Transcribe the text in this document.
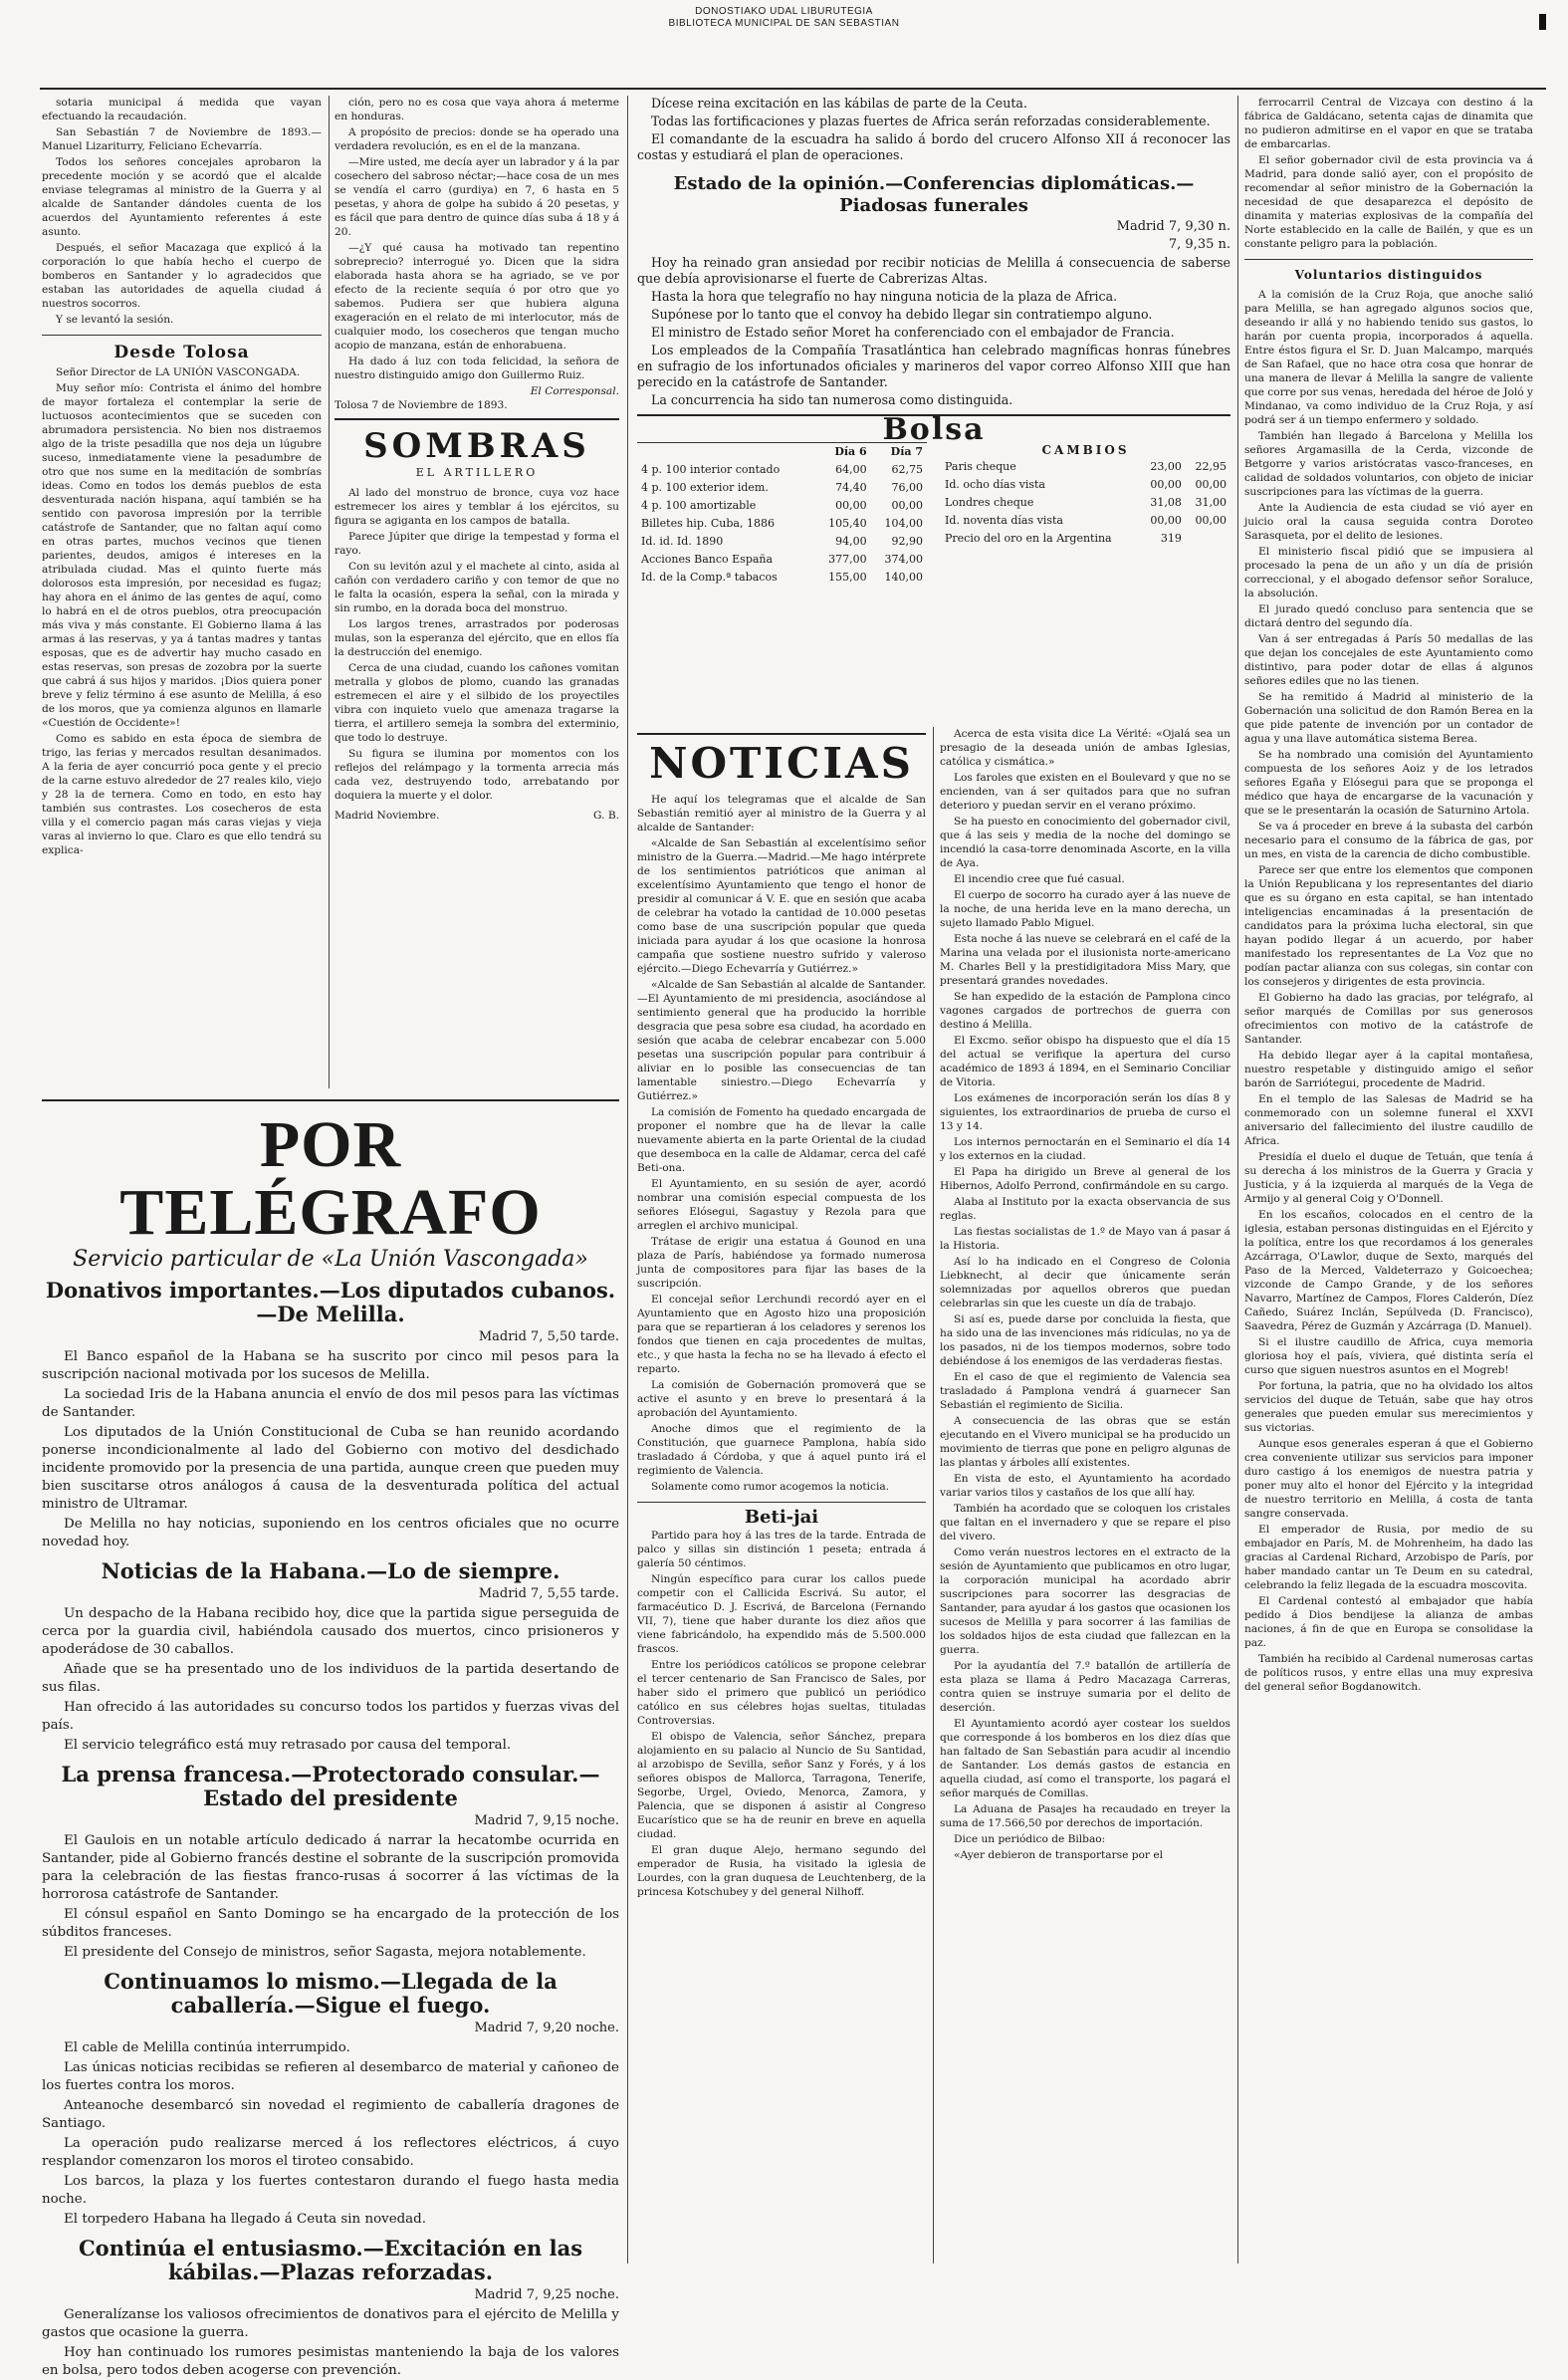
DONOSTIAKO UDAL LIBURUTEGIA
BIBLIOTECA MUNICIPAL DE SAN SEBASTIAN

sotaria municipal á medida que vayan efectuando la recaudación.

San Sebastián 7 de Noviembre de 1893.—Manuel Lizariturry, Feliciano Echevarría.

Todos los señores concejales aprobaron la precedente moción y se acordó que el alcalde enviase telegramas al ministro de la Guerra y al alcalde de Santander dándoles cuenta de los acuerdos del Ayuntamiento referentes á este asunto.

Después, el señor Macazaga que explicó á la corporación lo que había hecho el cuerpo de bomberos en Santander y lo agradecidos que estaban las autoridades de aquella ciudad á nuestros socorros.

Y se levantó la sesión.

Desde Tolosa

Señor Director de LA UNIÓN VASCONGADA.

Muy señor mío: Contrista el ánimo del hombre de mayor fortaleza el contemplar la serie de luctuosos acontecimientos que se suceden con abrumadora persistencia. No bien nos distraemos algo de la triste pesadilla que nos deja un lúgubre suceso, inmediatamente viene la pesadumbre de otro que nos sume en la meditación de sombrías ideas. Como en todos los demás pueblos de esta desventurada nación hispana, aquí también se ha sentido con pavorosa impresión por la terrible catástrofe de Santander, que no faltan aquí como en otras partes, muchos vecinos que tienen parientes, deudos, amigos é intereses en la atribulada ciudad. Mas el quinto fuerte más dolorosos esta impresión, por necesidad es fugaz; hay ahora en el ánimo de las gentes de aquí, como lo habrá en el de otros pueblos, otra preocupación más viva y más constante. El Gobierno llama á las armas á las reservas, y ya á tantas madres y tantas esposas, que es de advertir hay mucho casado en estas reservas, son presas de zozobra por la suerte que cabrá á sus hijos y maridos. ¡Dios quiera poner breve y feliz término á ese asunto de Melilla, á eso de los moros, que ya comienza algunos en llamarle «Cuestión de Occidente»!

Como es sabido en esta época de siembra de trigo, las ferias y mercados resultan desanimados. A la feria de ayer concurrió poca gente y el precio de la carne estuvo alrededor de 27 reales kilo, viejo y 28 la de ternera. Como en todo, en esto hay también sus contrastes. Los cosecheros de esta villa y el comercio pagan más caras viejas y vieja varas al invierno lo que. Claro es que ello tendrá su explica-

ción, pero no es cosa que vaya ahora á meterme en honduras.

A propósito de precios: donde se ha operado una verdadera revolución, es en el de la manzana.

—Mire usted, me decía ayer un labrador y á la par cosechero del sabroso néctar;—hace cosa de un mes se vendía el carro (gurdiya) en 7, 6 hasta en 5 pesetas, y ahora de golpe ha subido á 20 pesetas, y es fácil que para dentro de quince días suba á 18 y á 20.

—¿Y qué causa ha motivado tan repentino sobreprecio? interrogué yo. Dicen que la sidra elaborada hasta ahora se ha agriado, se ve por efecto de la reciente sequía ó por otro que yo sabemos. Pudiera ser que hubiera alguna exageración en el relato de mi interlocutor, más de cualquier modo, los cosecheros que tengan mucho acopio de manzana, están de enhorabuena.

Ha dado á luz con toda felicidad, la señora de nuestro distinguido amigo don Guillermo Ruiz.

El Corresponsal.
Tolosa 7 de Noviembre de 1893.
SOMBRAS
EL ARTILLERO

Al lado del monstruo de bronce, cuya voz hace estremecer los aires y temblar á los ejércitos, su figura se agiganta en los campos de batalla.

Parece Júpiter que dirige la tempestad y forma el rayo.

Con su levitón azul y el machete al cinto, asida al cañón con verdadero cariño y con temor de que no le falta la ocasión, espera la señal, con la mirada y sin rumbo, en la dorada boca del monstruo.

Los largos trenes, arrastrados por poderosas mulas, son la esperanza del ejército, que en ellos fía la destrucción del enemigo.

Cerca de una ciudad, cuando los cañones vomitan metralla y globos de plomo, cuando las granadas estremecen el aire y el silbido de los proyectiles vibra con inquieto vuelo que amenaza tragarse la tierra, el artillero semeja la sombra del exterminio, que todo lo destruye.

Su figura se ilumina por momentos con los reflejos del relámpago y la tormenta arrecia más cada vez, destruyendo todo, arrebatando por doquiera la muerte y el dolor.

Madrid Noviembre.	G. B.
POR TELÉGRAFO
Servicio particular de «La Unión Vascongada»
Donativos importantes.—Los diputados cubanos.—De Melilla.
Madrid 7, 5,50 tarde.

El Banco español de la Habana se ha suscrito por cinco mil pesos para la suscripción nacional motivada por los sucesos de Melilla.

La sociedad Iris de la Habana anuncia el envío de dos mil pesos para las víctimas de Santander.

Los diputados de la Unión Constitucional de Cuba se han reunido acordando ponerse incondicionalmente al lado del Gobierno con motivo del desdichado incidente promovido por la presencia de una partida, aunque creen que pueden muy bien suscitarse otros análogos á causa de la desventurada política del actual ministro de Ultramar.

De Melilla no hay noticias, suponiendo en los centros oficiales que no ocurre novedad hoy.

Noticias de la Habana.—Lo de siempre.
Madrid 7, 5,55 tarde.

Un despacho de la Habana recibido hoy, dice que la partida sigue perseguida de cerca por la guardia civil, habiéndola causado dos muertos, cinco prisioneros y apoderádose de 30 caballos.

Añade que se ha presentado uno de los individuos de la partida desertando de sus filas.

Han ofrecido á las autoridades su concurso todos los partidos y fuerzas vivas del país.

El servicio telegráfico está muy retrasado por causa del temporal.

La prensa francesa.—Protectorado consular.—Estado del presidente
Madrid 7, 9,15 noche.

El Gaulois en un notable artículo dedicado á narrar la hecatombe ocurrida en Santander, pide al Gobierno francés destine el sobrante de la suscripción promovida para la celebración de las fiestas franco-rusas á socorrer á las víctimas de la horrorosa catástrofe de Santander.

El cónsul español en Santo Domingo se ha encargado de la protección de los súbditos franceses.

El presidente del Consejo de ministros, señor Sagasta, mejora notablemente.

Continuamos lo mismo.—Llegada de la caballería.—Sigue el fuego.
Madrid 7, 9,20 noche.

El cable de Melilla continúa interrumpido.

Las únicas noticias recibidas se refieren al desembarco de material y cañoneo de los fuertes contra los moros.

Anteanoche desembarcó sin novedad el regimiento de caballería dragones de Santiago.

La operación pudo realizarse merced á los reflectores eléctricos, á cuyo resplandor comenzaron los moros el tiroteo consabido.

Los barcos, la plaza y los fuertes contestaron durando el fuego hasta media noche.

El torpedero Habana ha llegado á Ceuta sin novedad.

Continúa el entusiasmo.—Excitación en las kábilas.—Plazas reforzadas.
Madrid 7, 9,25 noche.

Generalízanse los valiosos ofrecimientos de donativos para el ejército de Melilla y gastos que ocasione la guerra.

Hoy han continuado los rumores pesimistas manteniendo la baja de los valores en bolsa, pero todos deben acogerse con prevención.

Dícese reina excitación en las kábilas de parte de la Ceuta.

Todas las fortificaciones y plazas fuertes de Africa serán reforzadas considerablemente.

El comandante de la escuadra ha salido á bordo del crucero Alfonso XII á reconocer las costas y estudiará el plan de operaciones.

Estado de la opinión.—Conferencias diplomáticas.—Piadosas funerales
Madrid 7, 9,30 n.
7, 9,35 n.

Hoy ha reinado gran ansiedad por recibir noticias de Melilla á consecuencia de saberse que debía aprovisionarse el fuerte de Cabrerizas Altas.

Hasta la hora que telegrafío no hay ninguna noticia de la plaza de Africa.

Supónese por lo tanto que el convoy ha debido llegar sin contratiempo alguno.

El ministro de Estado señor Moret ha conferenciado con el embajador de Francia.

Los empleados de la Compañía Trasatlántica han celebrado magníficas honras fúnebres en sufragio de los infortunados oficiales y marineros del vapor correo Alfonso XIII que han perecido en la catástrofe de Santander.

La concurrencia ha sido tan numerosa como distinguida.

Bolsa
	Día 6	Día 7
4 p. 100 interior contado	64,00	62,75
4 p. 100 exterior idem.	74,40	76,00
4 p. 100 amortizable	00,00	00,00
Billetes hip. Cuba, 1886	105,40	104,00
Id. id. Id. 1890	94,00	92,90
Acciones Banco España	377,00	374,00
Id. de la Comp.ª tabacos	155,00	140,00
CAMBIOS
Paris cheque	23,00	22,95
Id. ocho días vista	00,00	00,00
Londres cheque	31,08	31,00
Id. noventa días vista	00,00	00,00
Precio del oro en la Argentina	319	
NOTICIAS

He aquí los telegramas que el alcalde de San Sebastián remitió ayer al ministro de la Guerra y al alcalde de Santander:

«Alcalde de San Sebastián al excelentísimo señor ministro de la Guerra.—Madrid.—Me hago intérprete de los sentimientos patrióticos que animan al excelentísimo Ayuntamiento que tengo el honor de presidir al comunicar á V. E. que en sesión que acaba de celebrar ha votado la cantidad de 10.000 pesetas como base de una suscripción popular que queda iniciada para ayudar á los que ocasione la honrosa campaña que sostiene nuestro sufrido y valeroso ejército.—Diego Echevarría y Gutiérrez.»

«Alcalde de San Sebastián al alcalde de Santander.—El Ayuntamiento de mi presidencia, asociándose al sentimiento general que ha producido la horrible desgracia que pesa sobre esa ciudad, ha acordado en sesión que acaba de celebrar encabezar con 5.000 pesetas una suscripción popular para contribuir á aliviar en lo posible las consecuencias de tan lamentable siniestro.—Diego Echevarría y Gutiérrez.»

La comisión de Fomento ha quedado encargada de proponer el nombre que ha de llevar la calle nuevamente abierta en la parte Oriental de la ciudad que desemboca en la calle de Aldamar, cerca del café Beti-ona.

El Ayuntamiento, en su sesión de ayer, acordó nombrar una comisión especial compuesta de los señores Elósegui, Sagastuy y Rezola para que arreglen el archivo municipal.

Trátase de erigir una estatua á Gounod en una plaza de París, habiéndose ya formado numerosa junta de compositores para fijar las bases de la suscripción.

El concejal señor Lerchundi recordó ayer en el Ayuntamiento que en Agosto hizo una proposición para que se repartieran á los celadores y serenos los fondos que tienen en caja procedentes de multas, etc., y que hasta la fecha no se ha llevado á efecto el reparto.

La comisión de Gobernación promoverá que se active el asunto y en breve lo presentará á la aprobación del Ayuntamiento.

Anoche dimos que el regimiento de la Constitución, que guarnece Pamplona, había sido trasladado á Córdoba, y que á aquel punto irá el regimiento de Valencia.

Solamente como rumor acogemos la noticia.

Beti-jai

Partido para hoy á las tres de la tarde. Entrada de palco y sillas sin distinción 1 peseta; entrada á galería 50 céntimos.

Ningún específico para curar los callos puede competir con el Callicida Escrivá. Su autor, el farmacéutico D. J. Escrivá, de Barcelona (Fernando VII, 7), tiene que haber durante los diez años que viene fabricándolo, ha expendido más de 5.500.000 frascos.

Entre los periódicos católicos se propone celebrar el tercer centenario de San Francisco de Sales, por haber sido el primero que publicó un periódico católico en sus célebres hojas sueltas, tituladas Controversias.

El obispo de Valencia, señor Sánchez, prepara alojamiento en su palacio al Nuncio de Su Santidad, al arzobispo de Sevilla, señor Sanz y Forés, y á los señores obispos de Mallorca, Tarragona, Tenerife, Segorbe, Urgel, Oviedo, Menorca, Zamora, y Palencia, que se disponen á asistir al Congreso Eucarístico que se ha de reunir en breve en aquella ciudad.

El gran duque Alejo, hermano segundo del emperador de Rusia, ha visitado la iglesia de Lourdes, con la gran duquesa de Leuchtenberg, de la princesa Kotschubey y del general Nilhoff.

Acerca de esta visita dice La Vérité: «Ojalá sea un presagio de la deseada unión de ambas Iglesias, católica y cismática.»

Los faroles que existen en el Boulevard y que no se encienden, van á ser quitados para que no sufran deterioro y puedan servir en el verano próximo.

Se ha puesto en conocimiento del gobernador civil, que á las seis y media de la noche del domingo se incendió la casa-torre denominada Ascorte, en la villa de Aya.

El incendio cree que fué casual.

El cuerpo de socorro ha curado ayer á las nueve de la noche, de una herida leve en la mano derecha, un sujeto llamado Pablo Miguel.

Esta noche á las nueve se celebrará en el café de la Marina una velada por el ilusionista norte-americano M. Charles Bell y la prestidigitadora Miss Mary, que presentará grandes novedades.

Se han expedido de la estación de Pamplona cinco vagones cargados de portrechos de guerra con destino á Melilla.

El Excmo. señor obispo ha dispuesto que el día 15 del actual se verifique la apertura del curso académico de 1893 á 1894, en el Seminario Conciliar de Vitoria.

Los exámenes de incorporación serán los días 8 y siguientes, los extraordinarios de prueba de curso el 13 y 14.

Los internos pernoctarán en el Seminario el día 14 y los externos en la ciudad.

El Papa ha dirigido un Breve al general de los Hibernos, Adolfo Perrond, confirmándole en su cargo.

Alaba al Instituto por la exacta observancia de sus reglas.

Las fiestas socialistas de 1.º de Mayo van á pasar á la Historia.

Así lo ha indicado en el Congreso de Colonia Liebknecht, al decir que únicamente serán solemnizadas por aquellos obreros que puedan celebrarlas sin que les cueste un día de trabajo.

Si así es, puede darse por concluida la fiesta, que ha sido una de las invenciones más ridículas, no ya de los pasados, ni de los tiempos modernos, sobre todo debiéndose á los enemigos de las verdaderas fiestas.

En el caso de que el regimiento de Valencia sea trasladado á Pamplona vendrá á guarnecer San Sebastián el regimiento de Sicilia.

A consecuencia de las obras que se están ejecutando en el Vivero municipal se ha producido un movimiento de tierras que pone en peligro algunas de las plantas y árboles allí existentes.

En vista de esto, el Ayuntamiento ha acordado variar varios tilos y castaños de los que allí hay.

También ha acordado que se coloquen los cristales que faltan en el invernadero y que se repare el piso del vivero.

Como verán nuestros lectores en el extracto de la sesión de Ayuntamiento que publicamos en otro lugar, la corporación municipal ha acordado abrir suscripciones para socorrer las desgracias de Santander, para ayudar á los gastos que ocasionen los sucesos de Melilla y para socorrer á las familias de los soldados hijos de esta ciudad que fallezcan en la guerra.

Por la ayudantía del 7.º batallón de artillería de esta plaza se llama á Pedro Macazaga Carreras, contra quien se instruye sumaria por el delito de deserción.

El Ayuntamiento acordó ayer costear los sueldos que corresponde á los bomberos en los diez días que han faltado de San Sebastián para acudir al incendio de Santander. Los demás gastos de estancia en aquella ciudad, así como el transporte, los pagará el señor marqués de Comillas.

La Aduana de Pasajes ha recaudado en treyer la suma de 17.566,50 por derechos de importación.

Dice un periódico de Bilbao:

«Ayer debieron de transportarse por el

ferrocarril Central de Vizcaya con destino á la fábrica de Galdácano, setenta cajas de dinamita que no pudieron admitirse en el vapor en que se trataba de embarcarlas.

El señor gobernador civil de esta provincia va á Madrid, para donde salió ayer, con el propósito de recomendar al señor ministro de la Gobernación la necesidad de que desaparezca el depósito de dinamita y materias explosivas de la compañía del Norte establecido en la calle de Bailén, y que es un constante peligro para la población.

Voluntarios distinguidos

A la comisión de la Cruz Roja, que anoche salió para Melilla, se han agregado algunos socios que, deseando ir allá y no habiendo tenido sus gastos, lo harán por cuenta propia, incorporados á aquella. Entre éstos figura el Sr. D. Juan Malcampo, marqués de San Rafael, que no hace otra cosa que honrar de una manera de llevar á Melilla la sangre de valiente que corre por sus venas, heredada del héroe de Joló y Mindanao, va como individuo de la Cruz Roja, y así podrá ser á un tiempo enfermero y soldado.

También han llegado á Barcelona y Melilla los señores Argamasilla de la Cerda, vizconde de Betgorre y varios aristócratas vasco-franceses, en calidad de soldados voluntarios, con objeto de iniciar suscripciones para las víctimas de la guerra.

Ante la Audiencia de esta ciudad se vió ayer en juicio oral la causa seguida contra Doroteo Sarasqueta, por el delito de lesiones.

El ministerio fiscal pidió que se impusiera al procesado la pena de un año y un día de prisión correccional, y el abogado defensor señor Soraluce, la absolución.

El jurado quedó concluso para sentencia que se dictará dentro del segundo día.

Van á ser entregadas á París 50 medallas de las que dejan los concejales de este Ayuntamiento como distintivo, para poder dotar de ellas á algunos señores ediles que no las tienen.

Se ha remitido á Madrid al ministerio de la Gobernación una solicitud de don Ramón Berea en la que pide patente de invención por un contador de agua y una llave automática sistema Berea.

Se ha nombrado una comisión del Ayuntamiento compuesta de los señores Aoiz y de los letrados señores Egaña y Elósegui para que se proponga el médico que haya de encargarse de la vacunación y que se le presentarán la ocasión de Saturnino Artola.

Se va á proceder en breve á la subasta del carbón necesario para el consumo de la fábrica de gas, por un mes, en vista de la carencia de dicho combustible.

Parece ser que entre los elementos que componen la Unión Republicana y los representantes del diario que es su órgano en esta capital, se han intentado inteligencias encaminadas á la presentación de candidatos para la próxima lucha electoral, sin que hayan podido llegar á un acuerdo, por haber manifestado los representantes de La Voz que no podían pactar alianza con sus colegas, sin contar con los consejeros y dirigentes de esta provincia.

El Gobierno ha dado las gracias, por telégrafo, al señor marqués de Comillas por sus generosos ofrecimientos con motivo de la catástrofe de Santander.

Ha debido llegar ayer á la capital montañesa, nuestro respetable y distinguido amigo el señor barón de Sarriótegui, procedente de Madrid.

En el templo de las Salesas de Madrid se ha conmemorado con un solemne funeral el XXVI aniversario del fallecimiento del ilustre caudillo de Africa.

Presidía el duelo el duque de Tetuán, que tenía á su derecha á los ministros de la Guerra y Gracia y Justicia, y á la izquierda al marqués de la Vega de Armijo y al general Coig y O'Donnell.

En los escaños, colocados en el centro de la iglesia, estaban personas distinguidas en el Ejército y la política, entre los que recordamos á los generales Azcárraga, O'Lawlor, duque de Sexto, marqués del Paso de la Merced, Valdeterrazo y Goicoechea; vizconde de Campo Grande, y de los señores Navarro, Martínez de Campos, Flores Calderón, Díez Cañedo, Suárez Inclán, Sepúlveda (D. Francisco), Saavedra, Pérez de Guzmán y Azcárraga (D. Manuel).

Si el ilustre caudillo de Africa, cuya memoria gloriosa hoy el país, viviera, qué distinta sería el curso que siguen nuestros asuntos en el Mogreb!

Por fortuna, la patria, que no ha olvidado los altos servicios del duque de Tetuán, sabe que hay otros generales que pueden emular sus merecimientos y sus victorias.

Aunque esos generales esperan á que el Gobierno crea conveniente utilizar sus servicios para imponer duro castigo á los enemigos de nuestra patria y poner muy alto el honor del Ejército y la integridad de nuestro territorio en Melilla, á costa de tanta sangre conservada.

El emperador de Rusia, por medio de su embajador en París, M. de Mohrenheim, ha dado las gracias al Cardenal Richard, Arzobispo de París, por haber mandado cantar un Te Deum en su catedral, celebrando la feliz llegada de la escuadra moscovita.

El Cardenal contestó al embajador que había pedido á Dios bendijese la alianza de ambas naciones, á fin de que en Europa se consolidase la paz.

También ha recibido al Cardenal numerosas cartas de políticos rusos, y entre ellas una muy expresiva del general señor Bogdanowitch.
